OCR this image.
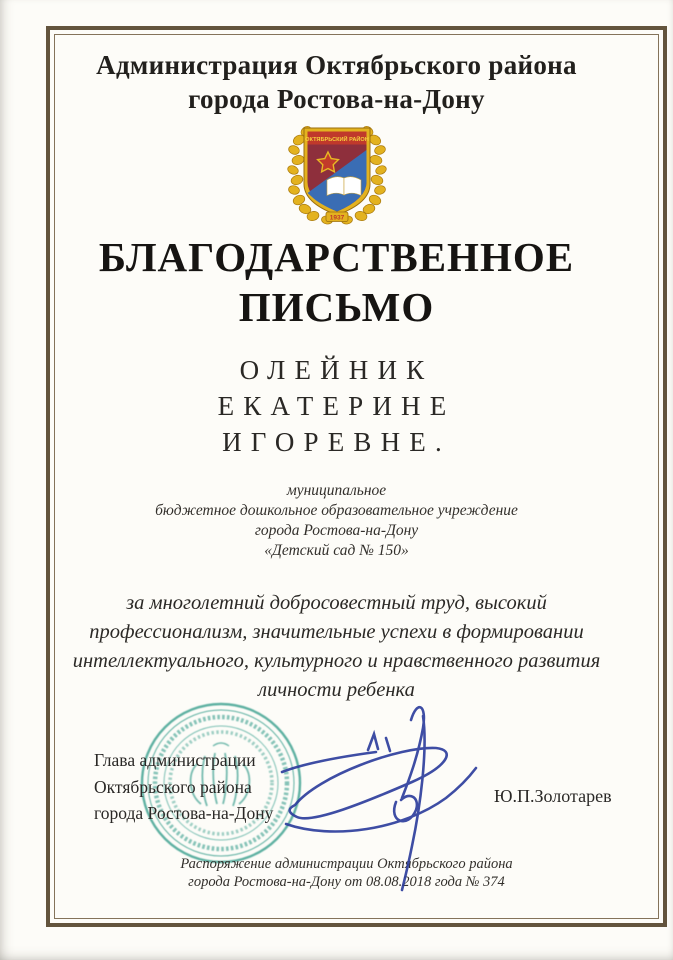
Администрация Октябрьского района
города Ростова-на-Дону
ОКТЯБРЬСКИЙ РАЙОН
1937
БЛАГОДАРСТВЕННОЕ
ПИСЬМО
ОЛЕЙНИК
ЕКАТЕРИНЕ
ИГОРЕВНЕ.
муниципальное
бюджетное дошкольное образовательное учреждение
города Ростова-на-Дону
«Детский сад № 150»
за многолетний добросовестный труд, высокий
профессионализм, значительные успехи в формировании
интеллектуального, культурного и нравственного развития
личности ребенка
Глава администрации
Октябрьского района
города Ростова-на-Дону
Ю.П.Золотарев
Распоряжение администрации Октябрьского района
города Ростова-на-Дону от 08.08.2018 года № 374
